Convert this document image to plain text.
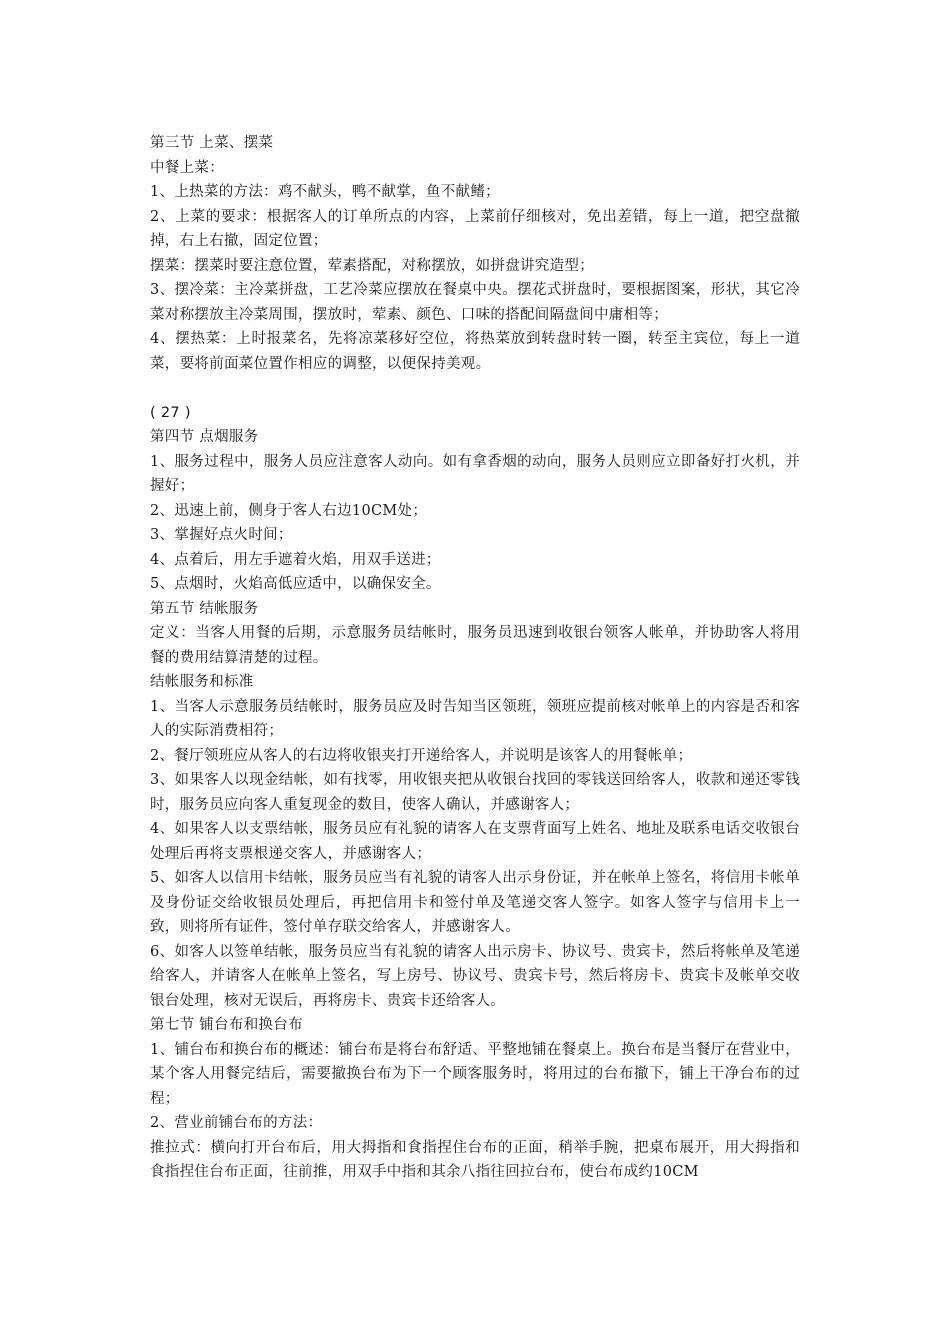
第三节 上菜、摆菜

中餐上菜：

1、上热菜的方法：鸡不献头，鸭不献掌，鱼不献鳍；

2、上菜的要求：根据客人的订单所点的内容，上菜前仔细核对，免出差错，每上一道，把空盘撤掉，右上右撤，固定位置；

摆菜：摆菜时要注意位置，荤素搭配，对称摆放，如拼盘讲究造型；

3、摆冷菜：主冷菜拼盘，工艺冷菜应摆放在餐桌中央。摆花式拼盘时，要根据图案，形状，其它冷菜对称摆放主冷菜周围，摆放时，荤素、颜色、口味的搭配间隔盘间中庸相等；

4、摆热菜：上时报菜名，先将凉菜移好空位，将热菜放到转盘时转一圈，转至主宾位，每上一道菜，要将前面菜位置作相应的调整，以便保持美观。

( 27 )

第四节 点烟服务

1、服务过程中，服务人员应注意客人动向。如有拿香烟的动向，服务人员则应立即备好打火机，并握好；

2、迅速上前，侧身于客人右边10CM处；

3、掌握好点火时间；

4、点着后，用左手遮着火焰，用双手送进；

5、点烟时，火焰高低应适中，以确保安全。

第五节 结帐服务

定义：当客人用餐的后期，示意服务员结帐时，服务员迅速到收银台领客人帐单，并协助客人将用餐的费用结算清楚的过程。

结帐服务和标准

1、当客人示意服务员结帐时，服务员应及时告知当区领班，领班应提前核对帐单上的内容是否和客人的实际消费相符；

2、餐厅领班应从客人的右边将收银夹打开递给客人，并说明是该客人的用餐帐单；

3、如果客人以现金结帐，如有找零，用收银夹把从收银台找回的零钱送回给客人，收款和递还零钱时，服务员应向客人重复现金的数目，使客人确认，并感谢客人；

4、如果客人以支票结帐，服务员应有礼貌的请客人在支票背面写上姓名、地址及联系电话交收银台处理后再将支票根递交客人，并感谢客人；

5、如客人以信用卡结帐，服务员应当有礼貌的请客人出示身份证，并在帐单上签名，将信用卡帐单及身份证交给收银员处理后，再把信用卡和签付单及笔递交客人签字。如客人签字与信用卡上一致，则将所有证件，签付单存联交给客人，并感谢客人。

6、如客人以签单结帐，服务员应当有礼貌的请客人出示房卡、协议号、贵宾卡，然后将帐单及笔递给客人，并请客人在帐单上签名，写上房号、协议号、贵宾卡号，然后将房卡、贵宾卡及帐单交收银台处理，核对无误后，再将房卡、贵宾卡还给客人。

第七节 铺台布和换台布

1、铺台布和换台布的概述：铺台布是将台布舒适、平整地铺在餐桌上。换台布是当餐厅在营业中，某个客人用餐完结后，需要撤换台布为下一个顾客服务时，将用过的台布撤下，铺上干净台布的过程；

2、营业前铺台布的方法：

推拉式：横向打开台布后，用大拇指和食指捏住台布的正面，稍举手腕，把桌布展开，用大拇指和食指捏住台布正面，往前推，用双手中指和其余八指往回拉台布，使台布成约10CM
